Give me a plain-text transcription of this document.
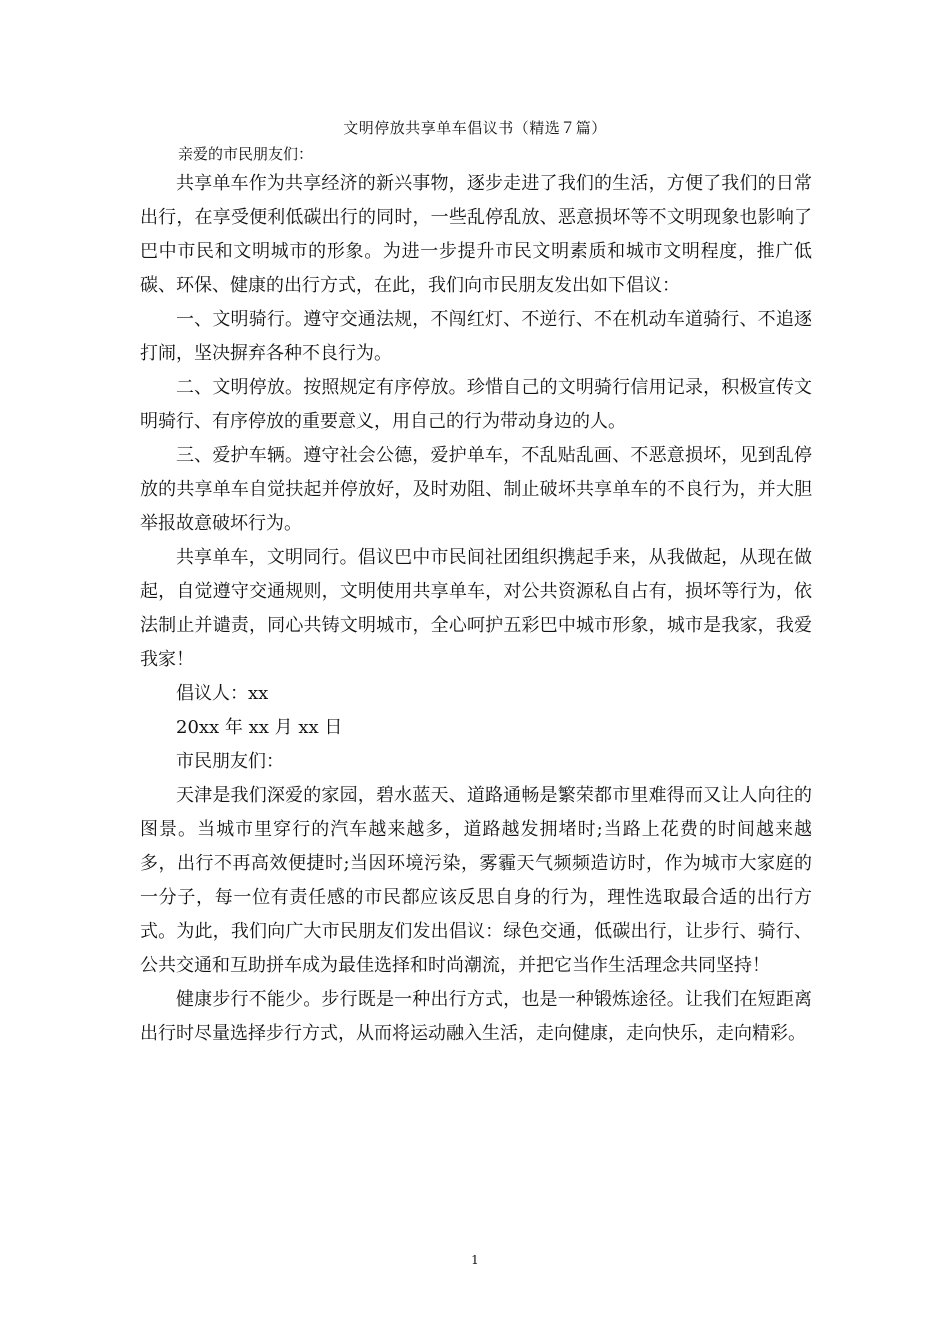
文明停放共享单车倡议书（精选７篇）
亲爱的市民朋友们：

共享单车作为共享经济的新兴事物，逐步走进了我们的生活，方便了我们的日常出行，在享受便利低碳出行的同时，一些乱停乱放、恶意损坏等不文明现象也影响了巴中市民和文明城市的形象。为进一步提升市民文明素质和城市文明程度，推广低碳、环保、健康的出行方式，在此，我们向市民朋友发出如下倡议：

一、文明骑行。遵守交通法规，不闯红灯、不逆行、不在机动车道骑行、不追逐打闹，坚决摒弃各种不良行为。

二、文明停放。按照规定有序停放。珍惜自己的文明骑行信用记录，积极宣传文明骑行、有序停放的重要意义，用自己的行为带动身边的人。

三、爱护车辆。遵守社会公德，爱护单车，不乱贴乱画、不恶意损坏，见到乱停放的共享单车自觉扶起并停放好，及时劝阻、制止破坏共享单车的不良行为，并大胆举报故意破坏行为。

共享单车，文明同行。倡议巴中市民间社团组织携起手来，从我做起，从现在做起，自觉遵守交通规则，文明使用共享单车，对公共资源私自占有，损坏等行为，依法制止并谴责，同心共铸文明城市，全心呵护五彩巴中城市形象，城市是我家，我爱我家！

倡议人：xx

20xx 年 xx 月 xx 日

市民朋友们：

天津是我们深爱的家园，碧水蓝天、道路通畅是繁荣都市里难得而又让人向往的图景。当城市里穿行的汽车越来越多，道路越发拥堵时;当路上花费的时间越来越多，出行不再高效便捷时;当因环境污染，雾霾天气频频造访时，作为城市大家庭的一分子，每一位有责任感的市民都应该反思自身的行为，理性选取最合适的出行方式。为此，我们向广大市民朋友们发出倡议：绿色交通，低碳出行，让步行、骑行、公共交通和互助拼车成为最佳选择和时尚潮流，并把它当作生活理念共同坚持！

健康步行不能少。步行既是一种出行方式，也是一种锻炼途径。让我们在短距离出行时尽量选择步行方式，从而将运动融入生活，走向健康，走向快乐，走向精彩。

1
